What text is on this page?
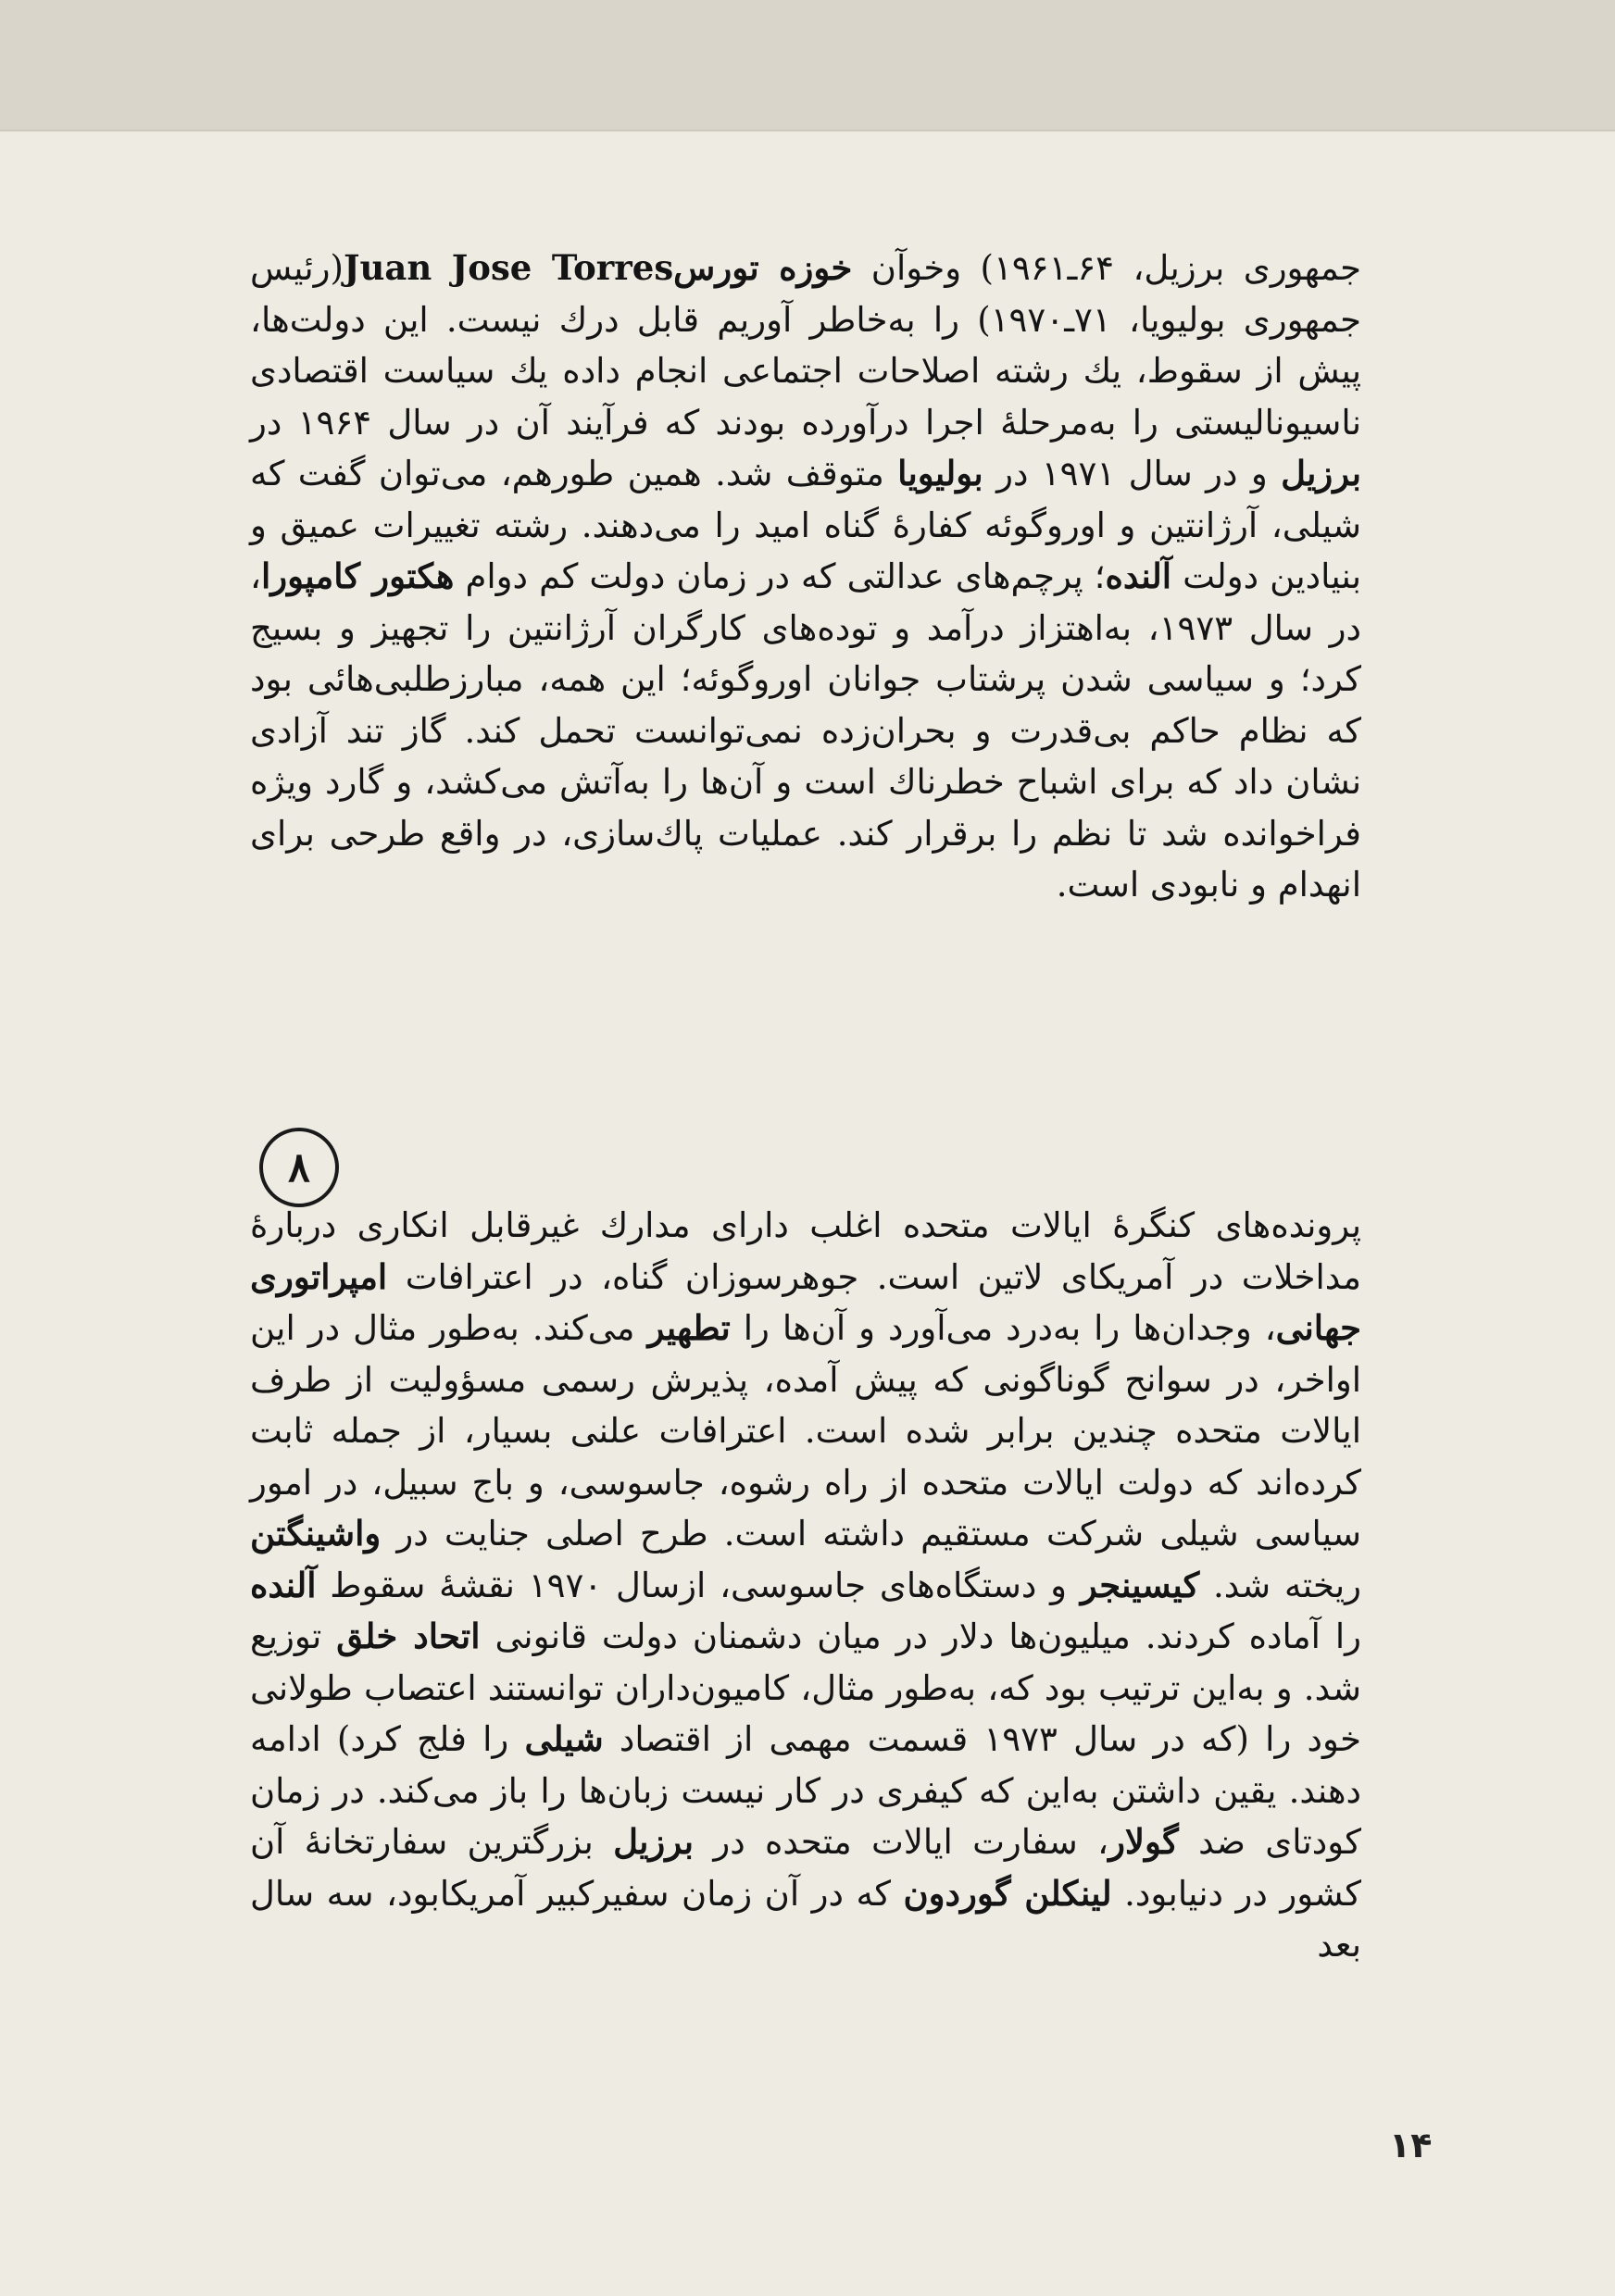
جمهوری برزیل، ۶۴ـ۱۹۶۱) وخوآن خوزه تورسJuan Jose Torres(رئیس جمهوری بولیویا، ۷۱ـ۱۹۷۰) را به‌خاطر آوریم قابل درك نیست. این دولت‌ها، پیش از سقوط، یك رشته اصلاحات اجتماعی انجام داده یك سیاست اقتصادی ناسیونالیستی را به‌مرحلهٔ اجرا درآورده بودند که فرآیند آن در سال ۱۹۶۴ در برزیل و در سال ۱۹۷۱ در بولیویا متوقف شد. همین طورهم، می‌توان گفت که شیلی، آرژانتین و اوروگوئه کفارهٔ گناه امید را می‌دهند. رشته تغییرات عمیق و بنیادین دولت آلنده؛ پرچم‌های عدالتی که در زمان دولت کم دوام هکتور کامپورا، در سال ۱۹۷۳، به‌اهتزاز درآمد و توده‌های کارگران آرژانتین را تجهیز و بسیج کرد؛ و سیاسی شدن پرشتاب جوانان اوروگوئه؛ این همه، مبارزطلبی‌هائی بود که نظام حاکم بی‌قدرت و بحران‌زده نمی‌توانست تحمل کند. گاز تند آزادی نشان داد که برای اشباح خطرناك است و آن‌ها را به‌آتش می‌کشد، و گارد ویژه فراخوانده شد تا نظم را برقرار کند. عملیات پاك‌سازی، در واقع طرحی برای انهدام و نابودی است.

۸

پرونده‌های کنگرهٔ ایالات متحده اغلب دارای مدارك غیرقابل انکاری دربارهٔ مداخلات در آمریکای لاتین است. جوهرسوزان گناه، در اعترافات امپراتوری جهانی، وجدان‌ها را به‌درد می‌آورد و آن‌ها را تطهیر می‌کند. به‌طور مثال در این اواخر، در سوانح گوناگونی که پیش آمده، پذیرش رسمی مسؤولیت از طرف ایالات متحده چندین برابر شده است. اعترافات علنی بسیار، از جمله ثابت کرده‌اند که دولت ایالات متحده از راه رشوه، جاسوسی، و باج سبیل، در امور سیاسی شیلی شرکت مستقیم داشته است. طرح اصلی جنایت در واشینگتن ریخته شد. کیسینجر و دستگاه‌های جاسوسی، ازسال ۱۹۷۰ نقشهٔ سقوط آلنده را آماده کردند. میلیون‌ها دلار در میان دشمنان دولت قانونی اتحاد خلق توزیع شد. و به‌این ترتیب بود که، به‌طور مثال، کامیون‌داران توانستند اعتصاب طولانی خود را (که در سال ۱۹۷۳ قسمت مهمی از اقتصاد شیلی را فلج کرد) ادامه دهند. یقین داشتن به‌این که کیفری در کار نیست زبان‌ها را باز می‌کند. در زمان کودتای ضد گولار، سفارت ایالات متحده در برزیل بزرگترین سفارتخانهٔ آن کشور در دنیابود. لینکلن گوردون که در آن زمان سفیرکبیر آمریکابود، سه سال بعد

۱۴
